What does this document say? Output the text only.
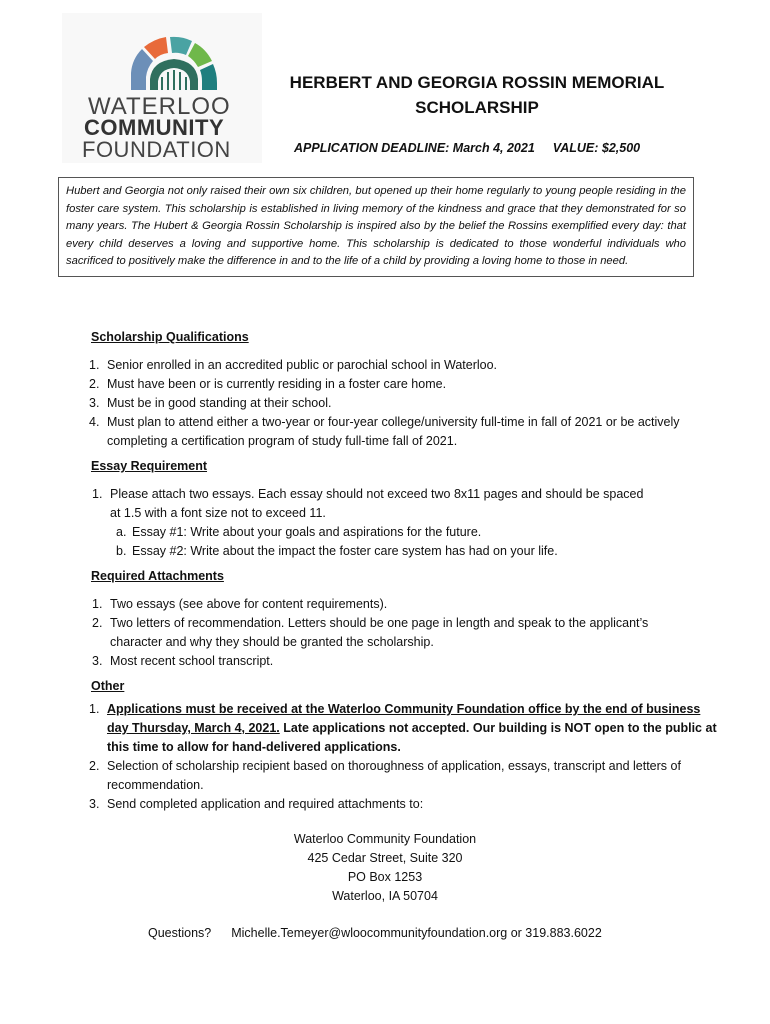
WATERLOO
COMMUNITY
FOUNDATION
HERBERT AND GEORGIA ROSSIN MEMORIAL SCHOLARSHIP
APPLICATION DEADLINE: March 4, 2021 VALUE: $2,500
Hubert and Georgia not only raised their own six children, but opened up their home regularly to young people residing in the foster care system. This scholarship is established in living memory of the kindness and grace that they demonstrated for so many years. The Hubert & Georgia Rossin Scholarship is inspired also by the belief the Rossins exemplified every day: that every child deserves a loving and supportive home. This scholarship is dedicated to those wonderful individuals who sacrificed to positively make the difference in and to the life of a child by providing a loving home to those in need.
Scholarship Qualifications
1. Senior enrolled in an accredited public or parochial school in Waterloo.
2. Must have been or is currently residing in a foster care home.
3. Must be in good standing at their school.
4. Must plan to attend either a two-year or four-year college/university full-time in fall of 2021 or be actively completing a certification program of study full-time fall of 2021.
Essay Requirement
1. Please attach two essays. Each essay should not exceed two 8x11 pages and should be spaced at 1.5 with a font size not to exceed 11.
a. Essay #1: Write about your goals and aspirations for the future.
b. Essay #2: Write about the impact the foster care system has had on your life.
Required Attachments
1. Two essays (see above for content requirements).
2. Two letters of recommendation. Letters should be one page in length and speak to the applicant’s character and why they should be granted the scholarship.
3. Most recent school transcript.
Other
1. Applications must be received at the Waterloo Community Foundation office by the end of business day Thursday, March 4, 2021. Late applications not accepted. Our building is NOT open to the public at this time to allow for hand-delivered applications.
2. Selection of scholarship recipient based on thoroughness of application, essays, transcript and letters of recommendation.
3. Send completed application and required attachments to:
Waterloo Community Foundation
425 Cedar Street, Suite 320
PO Box 1253
Waterloo, IA 50704
Questions? Michelle.Temeyer@wloocommunityfoundation.org or 319.883.6022
